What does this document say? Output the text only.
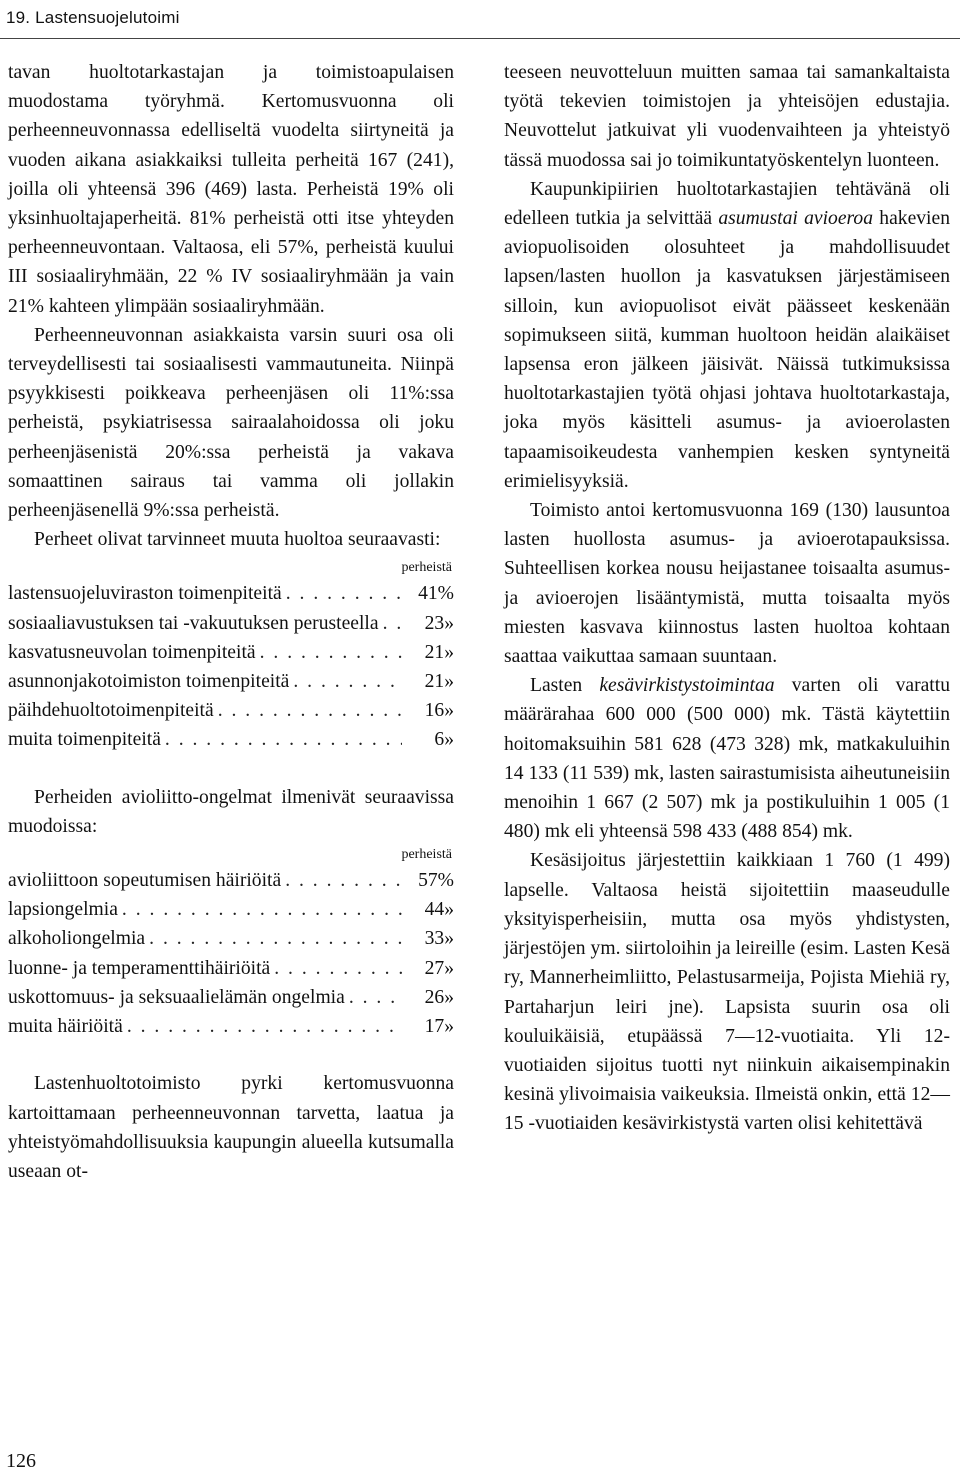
19. Lastensuojelutoimi

tavan huoltotarkastajan ja toimistoapulaisen muodostama työryhmä. Kertomusvuonna oli perheenneuvonnassa edelliseltä vuodelta siirtyneitä ja vuoden aikana asiakkaiksi tulleita perheitä 167 (241), joilla oli yhteensä 396 (469) lasta. Perheistä 19% oli yksinhuoltajaperheitä. 81% perheistä otti itse yhteyden perheenneuvontaan. Valtaosa, eli 57%, perheistä kuului III sosiaaliryhmään, 22 % IV sosiaaliryhmään ja vain 21% kahteen ylimpään sosiaaliryhmään.

Perheenneuvonnan asiakkaista varsin suuri osa oli terveydellisesti tai sosiaalisesti vammautuneita. Niinpä psyykkisesti poikkeava perheenjäsen oli 11%:ssa perheistä, psykiatrisessa sairaalahoidossa oli joku perheenjäsenistä 20%:ssa perheistä ja vakava somaattinen sairaus tai vamma oli jollakin perheenjäsenellä 9%:ssa perheistä.

Perheet olivat tarvinneet muuta huoltoa seuraavasti:

perheistä
lastensuojeluviraston toimenpiteitä . . .	41%
sosiaaliavustuksen tai -vakuutuksen perusteella . . .	23»
kasvatusneuvolan toimenpiteitä . . .	21»
asunnonjakotoimiston toimenpiteitä . . .	21»
päihdehuoltotoimenpiteitä . . .	16»
muita toimenpiteitä . . .	6»

Perheiden avioliitto-ongelmat ilmenivät seuraavissa muodoissa:

perheistä
avioliittoon sopeutumisen häiriöitä . . .	57%
lapsiongelmia . . .	44»
alkoholiongelmia . . .	33»
luonne- ja temperamenttihäiriöitä . . .	27»
uskottomuus- ja seksuaalielämän ongelmia . . .	26»
muita häiriöitä . . .	17»

Lastenhuoltotoimisto pyrki kertomusvuonna kartoittamaan perheenneuvonnan tarvetta, laatua ja yhteistyömahdollisuuksia kaupungin alueella kutsumalla useaan ot-

teeseen neuvotteluun muitten samaa tai samankaltaista työtä tekevien toimistojen ja yhteisöjen edustajia. Neuvottelut jatkuivat yli vuodenvaihteen ja yhteistyö tässä muodossa sai jo toimikuntatyöskentelyn luonteen.

Kaupunkipiirien huoltotarkastajien tehtävänä oli edelleen tutkia ja selvittää asumustai avioeroa hakevien aviopuolisoiden olosuhteet ja mahdollisuudet lapsen/lasten huollon ja kasvatuksen järjestämiseen silloin, kun aviopuolisot eivät päässeet keskenään sopimukseen siitä, kumman huoltoon heidän alaikäiset lapsensa eron jälkeen jäisivät. Näissä tutkimuksissa huoltotarkastajien työtä ohjasi johtava huoltotarkastaja, joka myös käsitteli asumus- ja avioerolasten tapaamisoikeudesta vanhempien kesken syntyneitä erimielisyyksiä.

Toimisto antoi kertomusvuonna 169 (130) lausuntoa lasten huollosta asumus- ja avioerotapauksissa. Suhteellisen korkea nousu heijastanee toisaalta asumus- ja avioerojen lisääntymistä, mutta toisaalta myös miesten kasvava kiinnostus lasten huoltoa kohtaan saattaa vaikuttaa samaan suuntaan.

Lasten kesävirkistystoimintaa varten oli varattu määrärahaa 600 000 (500 000) mk. Tästä käytettiin hoitomaksuihin 581 628 (473 328) mk, matkakuluihin 14 133 (11 539) mk, lasten sairastumisista aiheutuneisiin menoihin 1 667 (2 507) mk ja postikuluihin 1 005 (1 480) mk eli yhteensä 598 433 (488 854) mk.

Kesäsijoitus järjestettiin kaikkiaan 1 760 (1 499) lapselle. Valtaosa heistä sijoitettiin maaseudulle yksityisperheisiin, mutta osa myös yhdistysten, järjestöjen ym. siirtoloihin ja leireille (esim. Lasten Kesä ry, Mannerheimliitto, Pelastusarmeija, Pojista Miehiä ry, Partaharjun leiri jne). Lapsista suurin osa oli kouluikäisiä, etupäässä 7—12-vuotiaita. Yli 12-vuotiaiden sijoitus tuotti nyt niinkuin aikaisempinakin kesinä ylivoimaisia vaikeuksia. Ilmeistä onkin, että 12—15 -vuotiaiden kesävirkistystä varten olisi kehitettävä

126
